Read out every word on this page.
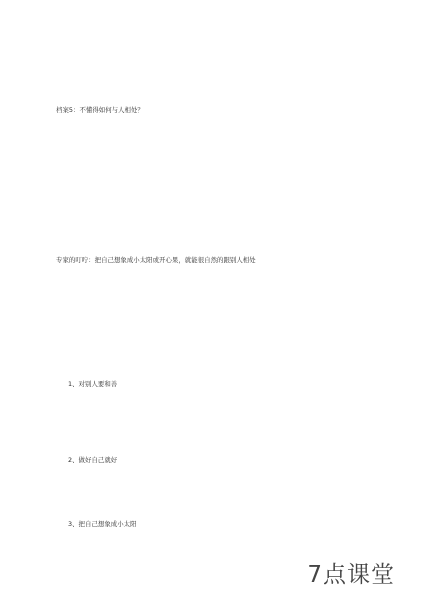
档案5：不懂得如何与人相处？

专家的叮咛：把自己想象成小太阳或开心果，就能很自然的跟别人相处

1、对别人要和善

2、做好自己就好

3、把自己想象成小太阳

7点课堂
